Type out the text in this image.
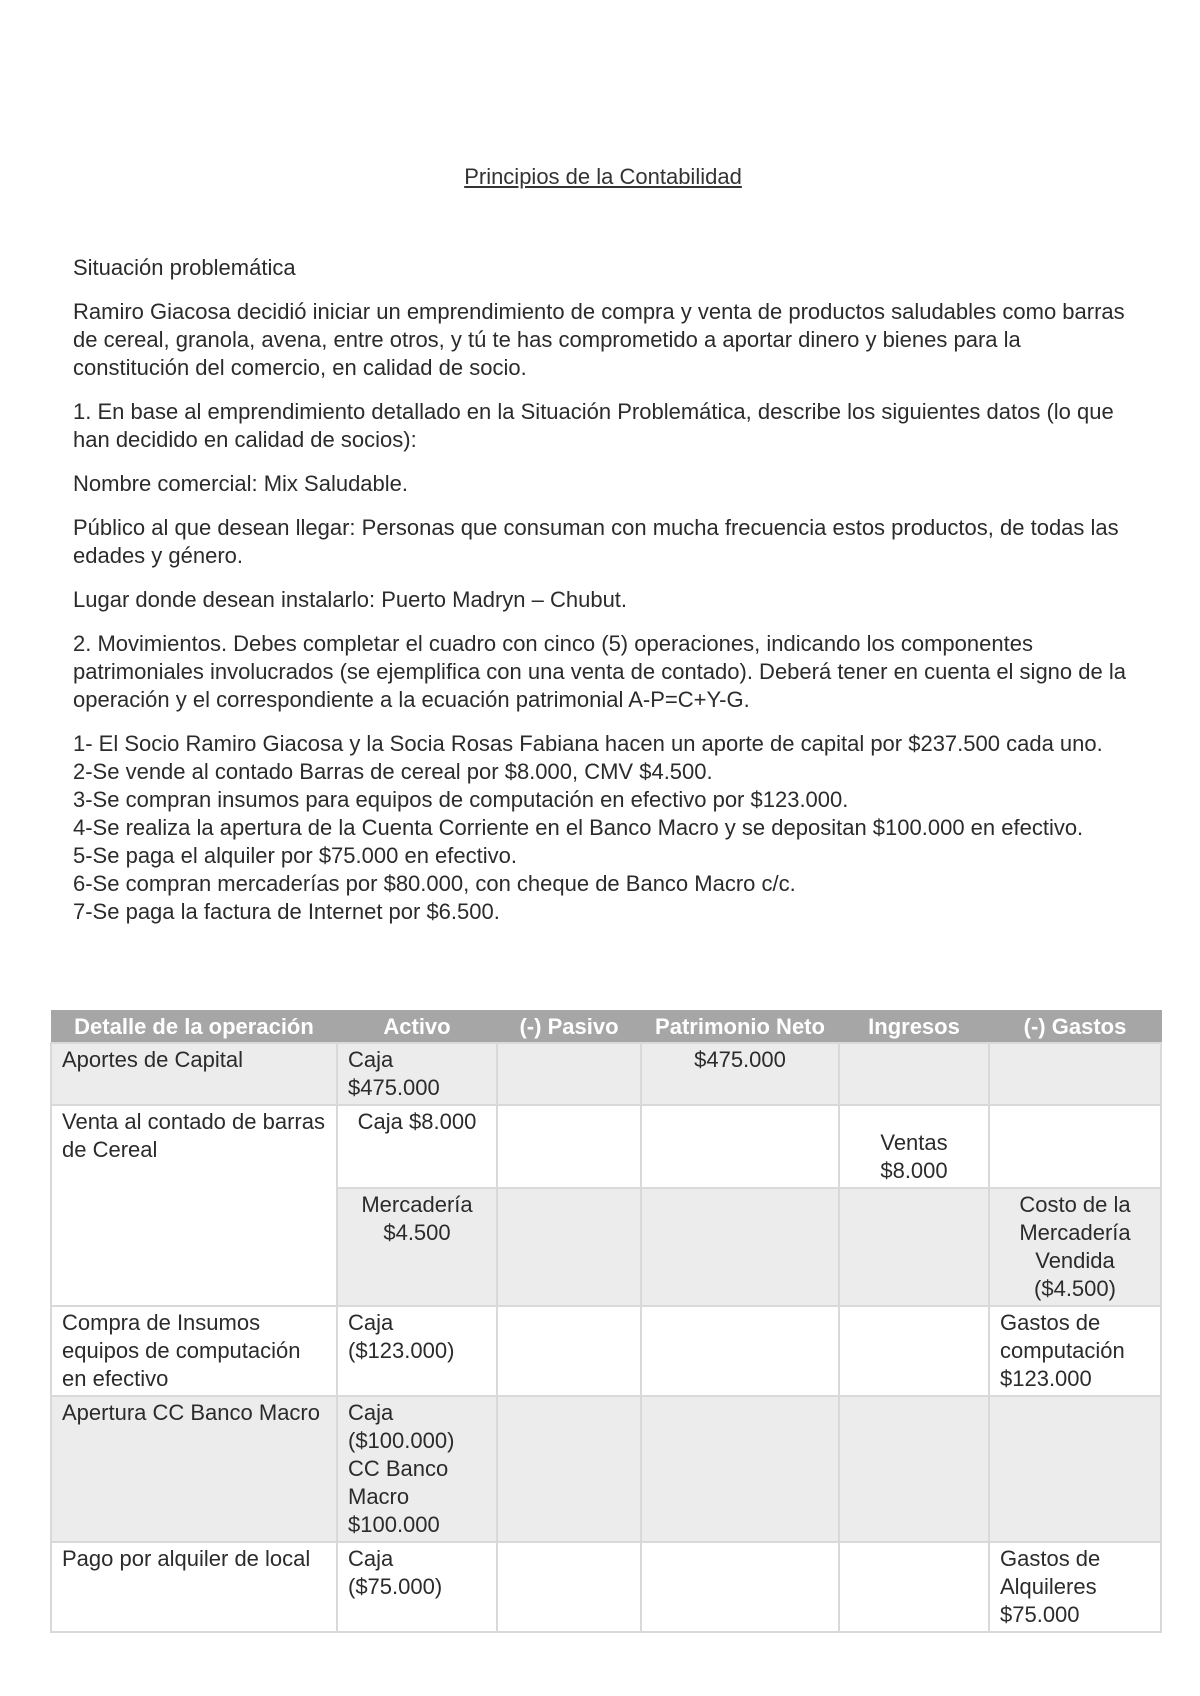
Principios de la Contabilidad

Situación problemática

Ramiro Giacosa decidió iniciar un emprendimiento de compra y venta de productos saludables como barras de cereal, granola, avena, entre otros, y tú te has comprometido a aportar dinero y bienes para la constitución del comercio, en calidad de socio.

1. En base al emprendimiento detallado en la Situación Problemática, describe los siguientes datos (lo que han decidido en calidad de socios):

Nombre comercial: Mix Saludable.

Público al que desean llegar: Personas que consuman con mucha frecuencia estos productos, de todas las edades y género.

Lugar donde desean instalarlo: Puerto Madryn – Chubut.

2. Movimientos. Debes completar el cuadro con cinco (5) operaciones, indicando los componentes patrimoniales involucrados (se ejemplifica con una venta de contado). Deberá tener en cuenta el signo de la operación y el correspondiente a la ecuación patrimonial A-P=C+Y-G.

1- El Socio Ramiro Giacosa y la Socia Rosas Fabiana hacen un aporte de capital por $237.500 cada uno.
2-Se vende al contado Barras de cereal por $8.000, CMV $4.500.
3-Se compran insumos para equipos de computación en efectivo por $123.000.
4-Se realiza la apertura de la Cuenta Corriente en el Banco Macro y se depositan $100.000 en efectivo.
5-Se paga el alquiler por $75.000 en efectivo.
6-Se compran mercaderías por $80.000, con cheque de Banco Macro c/c.
7-Se paga la factura de Internet por $6.500.
Detalle de la operación	Activo	(-) Pasivo	Patrimonio Neto	Ingresos	(-) Gastos
Aportes de Capital	Caja $475.000		$475.000		
Venta al contado de barras de Cereal	Caja $8.000			Ventas $8.000	
	Mercadería $4.500				Costo de la Mercadería Vendida ($4.500)
Compra de Insumos equipos de computación en efectivo	Caja ($123.000)				Gastos de computación $123.000
Apertura CC Banco Macro	Caja ($100.000)
CC Banco Macro $100.000				

Pago por alquiler de local	Caja ($75.000)				Gastos de Alquileres $75.000
